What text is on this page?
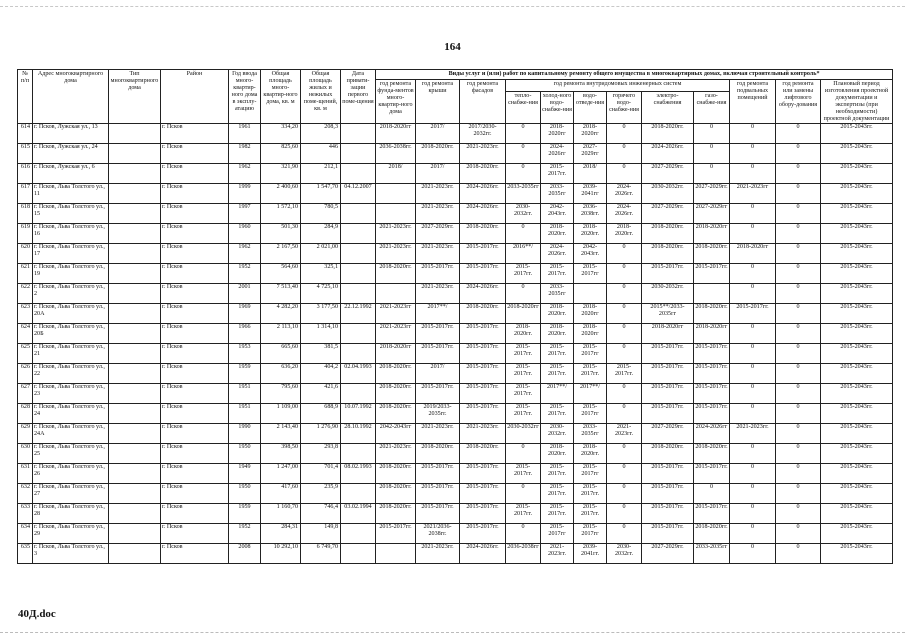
164
№ п/п	Адрес многоквартирного дома	Тип многоквартирного дома	Район	Год ввода много-квартир-ного дома в эксплу-атацию	Общая площадь много-квартир-ного дома, кв. м	Общая площадь жилых и нежилых поме-щений, кв. м	Дата привати-зации первого поме-щения	Виды услуг и (или) работ по капитальному ремонту общего имущества в многоквартирных домах, включая строительный контроль*											
								год ремонта фунда-ментов много-квартир-ного дома	год ремонта крыши	год ремонта фасадов	год ремонта внутридомовых инженерных систем						год ремонта подвальных помещений	год ремонта или замены лифтового обору-дования	Плановый период изготовления проектной документации и экспертизы (при необходимости) проектной документации
											тепло-снабже-ния	холод-ного водо-снабже-ния	водо-отведе-ния	горячего водо-снабже-ния	электро-снабжения	газо-снабже-ния			
614	г. Псков, Лужская ул., 13		г. Псков	1961	334,20	208,3		2018-2020гг	2017/	2017/2030-2032гг.	0	2018-2020гг	2018-2020гг	0	2018-2020гг.	0	0	0	2015-2043гг.
615	г. Псков, Лужская ул., 24		г. Псков	1982	825,60	446		2036-2038гг.	2018-2020гг.	2021-2023гг.	0	2024-2026гг	2027-2029гг	0	2024-2026гг.	0	0	0	2015-2043гг.
616	г. Псков, Лужская ул., 6		г. Псков	1962	321,90	212,1		2018/	2017/	2018-2020гг.	0	2015-2017гг.	2018/	0	2027-2029гг.	0	0	0	2015-2043гг.
617	г. Псков, Льва Толстого ул., 11		г. Псков	1999	2 400,60	1 547,70	04.12.2007		2021-2023гг.	2024-2026гг.	2033-2035гг	2033-2035гг	2039-2041гг	2024-2026гг.	2030-2032гг.	2027-2029гг.	2021-2023гг	0	2015-2043гг.
618	г. Псков, Льва Толстого ул., 15		г. Псков	1997	1 572,10	780,5			2021-2023гг.	2024-2026гг.	2030-2032гг.	2042-2043гг.	2036-2038гг.	2024-2026гг.	2027-2029гг.	2027-2029гг	0	0	2015-2043гг.
619	г. Псков, Льва Толстого ул., 16		г. Псков	1960	501,30	284,9		2021-2023гг.	2027-2029гг.	2018-2020гг.	0	2018-2020гг.	2018-2020гг.	2018-2020гг.	2018-2020гг.	2018-2020гг	0	0	2015-2043гг.
620	г. Псков, Льва Толстого ул., 17		г. Псков	1962	2 167,50	2 021,00		2021-2023гг.	2021-2023гг.	2015-2017гг.	2016**/	2024-2026гг.	2042-2043гг.	0	2018-2020гг.	2018-2020гг.	2018-2020гг	0	2015-2043гг.
621	г. Псков, Льва Толстого ул., 19		г. Псков	1952	564,60	325,1		2018-2020гг.	2015-2017гг.	2015-2017гг.	2015-2017гг.	2015-2017гг.	2015-2017гг	0	2015-2017гг.	2015-2017гг.	0	0	2015-2043гг.
622	г. Псков, Льва Толстого ул., 2		г. Псков	2001	7 513,40	4 725,10			2021-2023гг.	2024-2026гг.	0	2033-2035гг		0	2030-2032гг.		0	0	2015-2043гг.
623	г. Псков, Льва Толстого ул., 20А		г. Псков	1969	4 282,20	3 177,50	22.12.1992	2021-2023гг	2017**/	2018-2020гг.	2018-2020гг	2018-2020гг.	2018-2020гг	0	2015**/2033-2035гг	2018-2020гг.	2015-2017гг.	0	2015-2043гг.
624	г. Псков, Льва Толстого ул., 20Б		г. Псков	1966	2 113,10	1 314,10		2021-2023гг	2015-2017гг.	2015-2017гг.	2018-2020гг.	2018-2020гг.	2018-2020гг	0	2018-2020гг	2018-2020гг	0	0	2015-2043гг.
625	г. Псков, Льва Толстого ул., 21		г. Псков	1953	665,60	381,5		2018-2020гг	2015-2017гг.	2015-2017гг.	2015-2017гг.	2015-2017гг.	2015-2017гг	0	2015-2017гг.	2015-2017гг.	0	0	2015-2043гг.
626	г. Псков, Льва Толстого ул., 22		г. Псков	1959	636,20	404,2	02.04.1993	2018-2020гг.	2017/	2015-2017гг.	2015-2017гг.	2015-2017гг.	2015-2017гг.	2015-2017гг.	2015-2017гг.	2015-2017гг.	0	0	2015-2043гг.
627	г. Псков, Льва Толстого ул., 23		г. Псков	1951	795,60	421,6		2018-2020гг.	2015-2017гг.	2015-2017гг.	2015-2017гг.	2017**/	2017**/	0	2015-2017гг.	2015-2017гг.	0	0	2015-2043гг.
628	г. Псков, Льва Толстого ул., 24		г. Псков	1951	1 109,00	688,9	10.07.1992	2018-2020гг.	2019/2033-2035гг.	2015-2017гг.	2015-2017гг.	2015-2017гг.	2015-2017гг	0	2015-2017гг.	2015-2017гг.	0	0	2015-2043гг.
629	г. Псков, Льва Толстого ул., 24А		г. Псков	1990	2 143,40	1 276,90	28.10.1992	2042-2043гг	2021-2023гг.	2021-2023гг.	2030-2032гг	2030-2032гг.	2033-2035гг	2021-2023гг.	2027-2029гг.	2024-2026гг	2021-2023гг.	0	2015-2043гг.
630	г. Псков, Льва Толстого ул., 25		г. Псков	1950	398,50	293,8		2021-2023гг.	2018-2020гг.	2018-2020гг.	0	2018-2020гг.	2018-2020гг.	0	2018-2020гг.	2018-2020гг.	0	0	2015-2043гг.
631	г. Псков, Льва Толстого ул., 26		г. Псков	1949	1 247,00	701,4	08.02.1993	2018-2020гг.	2015-2017гг.	2015-2017гг.	2015-2017гг.	2015-2017гг.	2015-2017гг	0	2015-2017гг.	2015-2017гг.	0	0	2015-2043гг.
632	г. Псков, Льва Толстого ул., 27		г. Псков	1950	417,60	235,9		2018-2020гг.	2015-2017гг.	2015-2017гг.	0	2015-2017гг.	2015-2017гг.	0	2015-2017гг.	0	0	0	2015-2043гг.
633	г. Псков, Льва Толстого ул., 28		г. Псков	1959	1 160,70	746,4	03.02.1994	2018-2020гг.	2015-2017гг.	2015-2017гг.	2015-2017гг.	2015-2017гг.	2015-2017гг.	0	2015-2017гг.	2015-2017гг.	0	0	2015-2043гг.
634	г. Псков, Льва Толстого ул., 29		г. Псков	1952	284,31	149,8		2015-2017гг.	2021/2036-2038гг.	2015-2017гг.	0	2015-2017гг	2015-2017гг	0	2015-2017гг.	2018-2020гг.	0	0	2015-2043гг.
635	г. Псков, Льва Толстого ул., 3		г. Псков	2008	10 292,10	6 749,70			2021-2023гг.	2024-2026гг.	2036-2038гг	2021-2023гг.	2039-2041гг.	2030-2032гг.	2027-2029гг.	2033-2035гг	0	0	2015-2043гг.
40Д.doc
